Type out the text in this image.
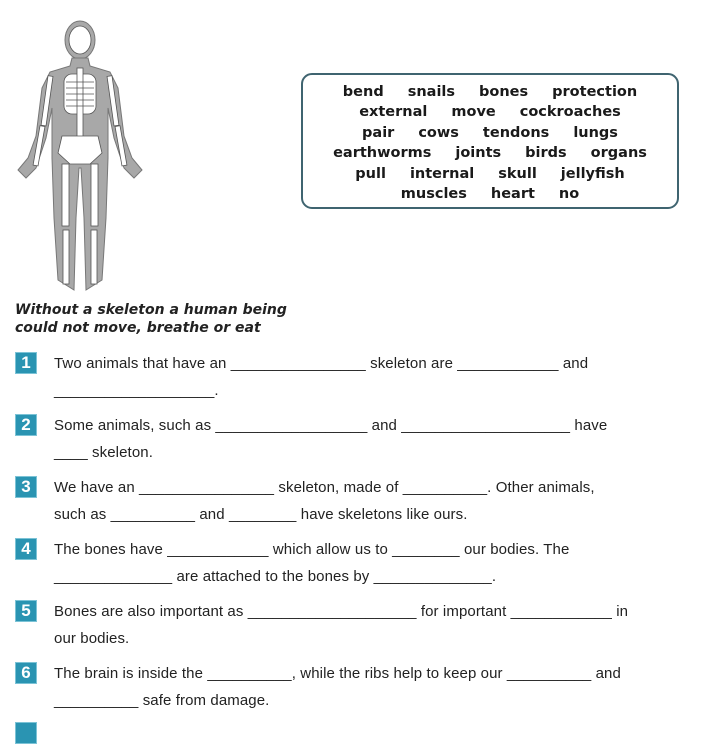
Without a skeleton a human being
could not move, breathe or eat
bend snails bones protection
external move cockroaches
pair cows tendons lungs
earthworms joints birds organs
pull internal skull jellyfish
muscles heart no
1	Two animals that have an ________________ skeleton are ____________ and
___________________.
2	Some animals, such as __________________ and ____________________ have
____ skeleton.
3	We have an ________________ skeleton, made of __________. Other animals,
such as __________ and ________ have skeletons like ours.
4	The bones have ____________ which allow us to ________ our bodies. The
______________ are attached to the bones by ______________.
5	Bones are also important as ____________________ for important ____________ in
our bodies.
6	The brain is inside the __________, while the ribs help to keep our __________ and
__________ safe from damage.
